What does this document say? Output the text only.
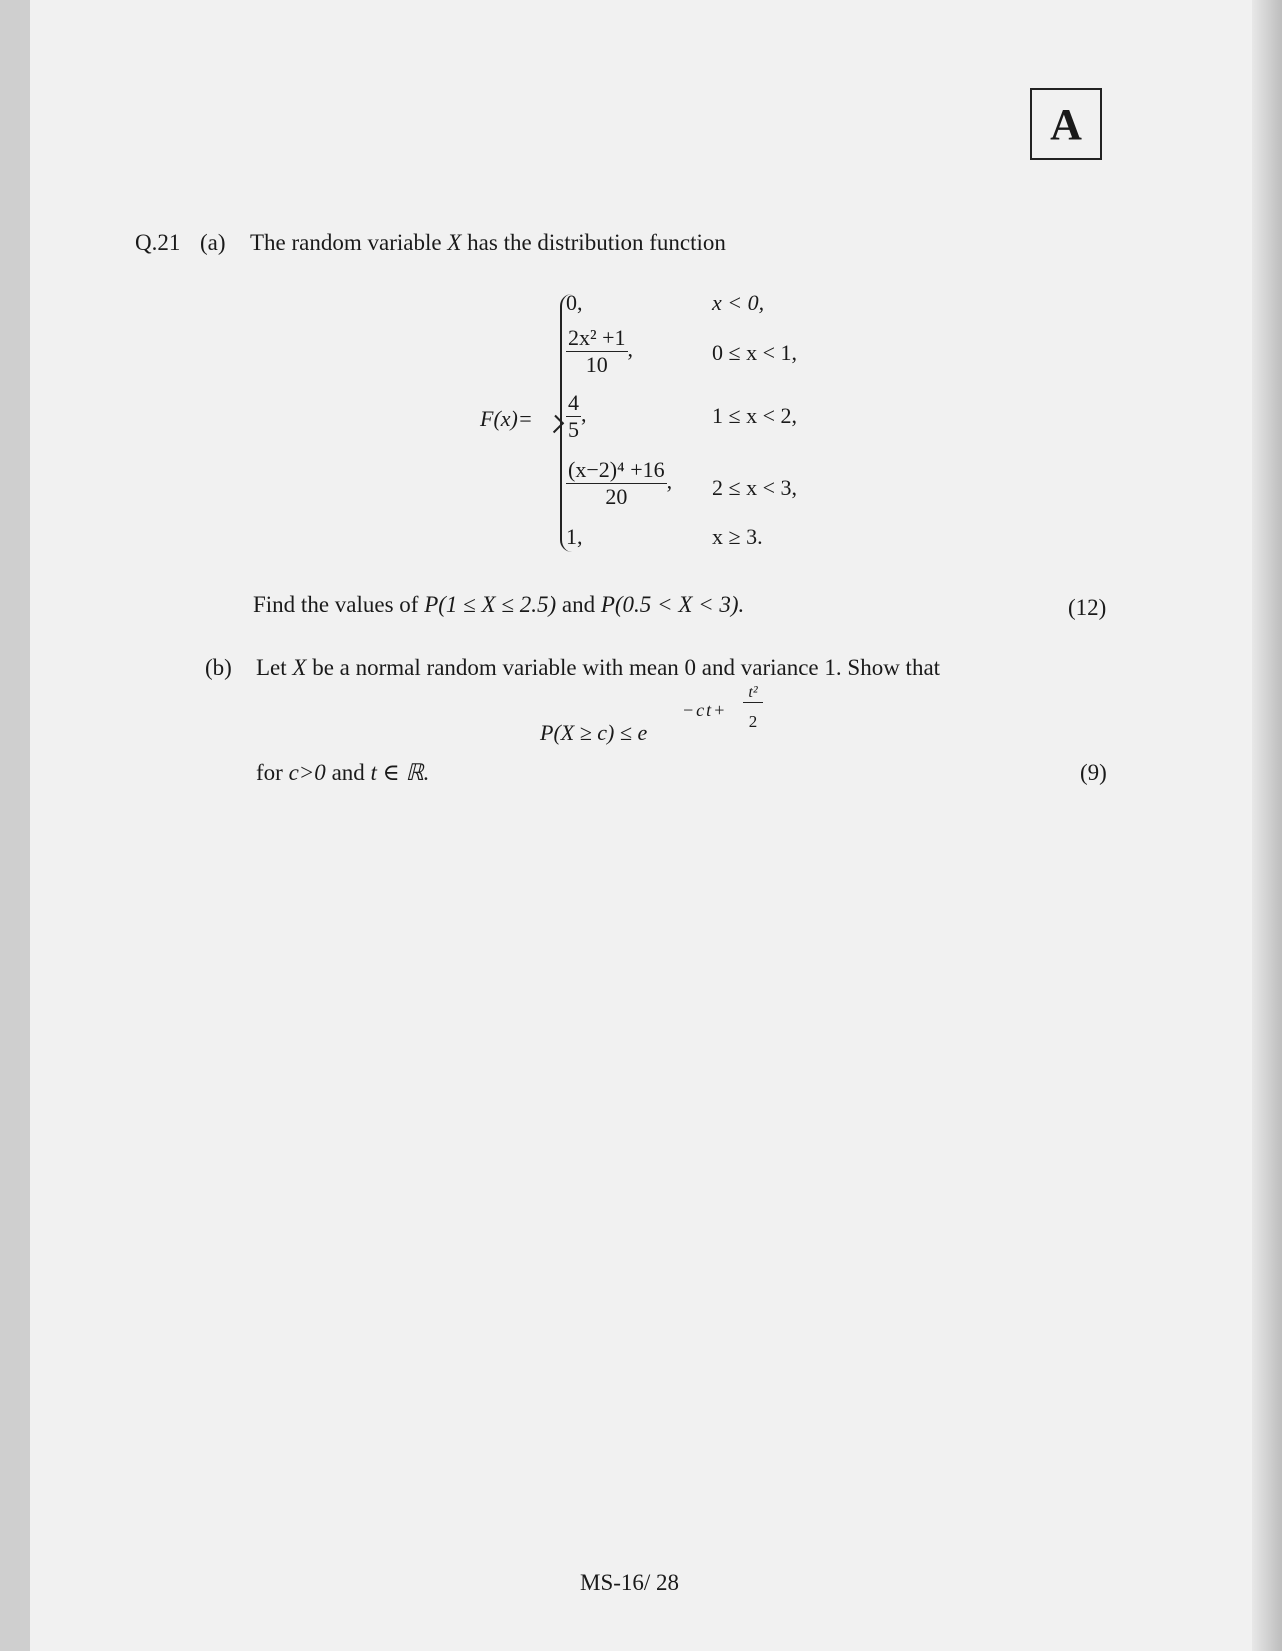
A
Q.21 (a) The random variable X has the distribution function
F(x)=
0,	x < 0,
$\frac{\text{2x² +1}}{10}$ ,	0 ≤ x < 1,
$\frac{4}{5}$ ,	1 ≤ x < 2,
$\frac{\text{(x−2)⁴ +16}}{20}$ , 2 ≤ x < 3,
1,	x ≥ 3.
Find the values of P(1 ≤ X ≤ 2.5) and P(0.5 < X < 3).	(12)
(b) Let X be a normal random variable with mean 0 and variance 1. Show that
P(X ≥ c) ≤ e
−ct+
t²
2
for c>0 and t ∈ ℝ.	(9)
MS-16/ 28
